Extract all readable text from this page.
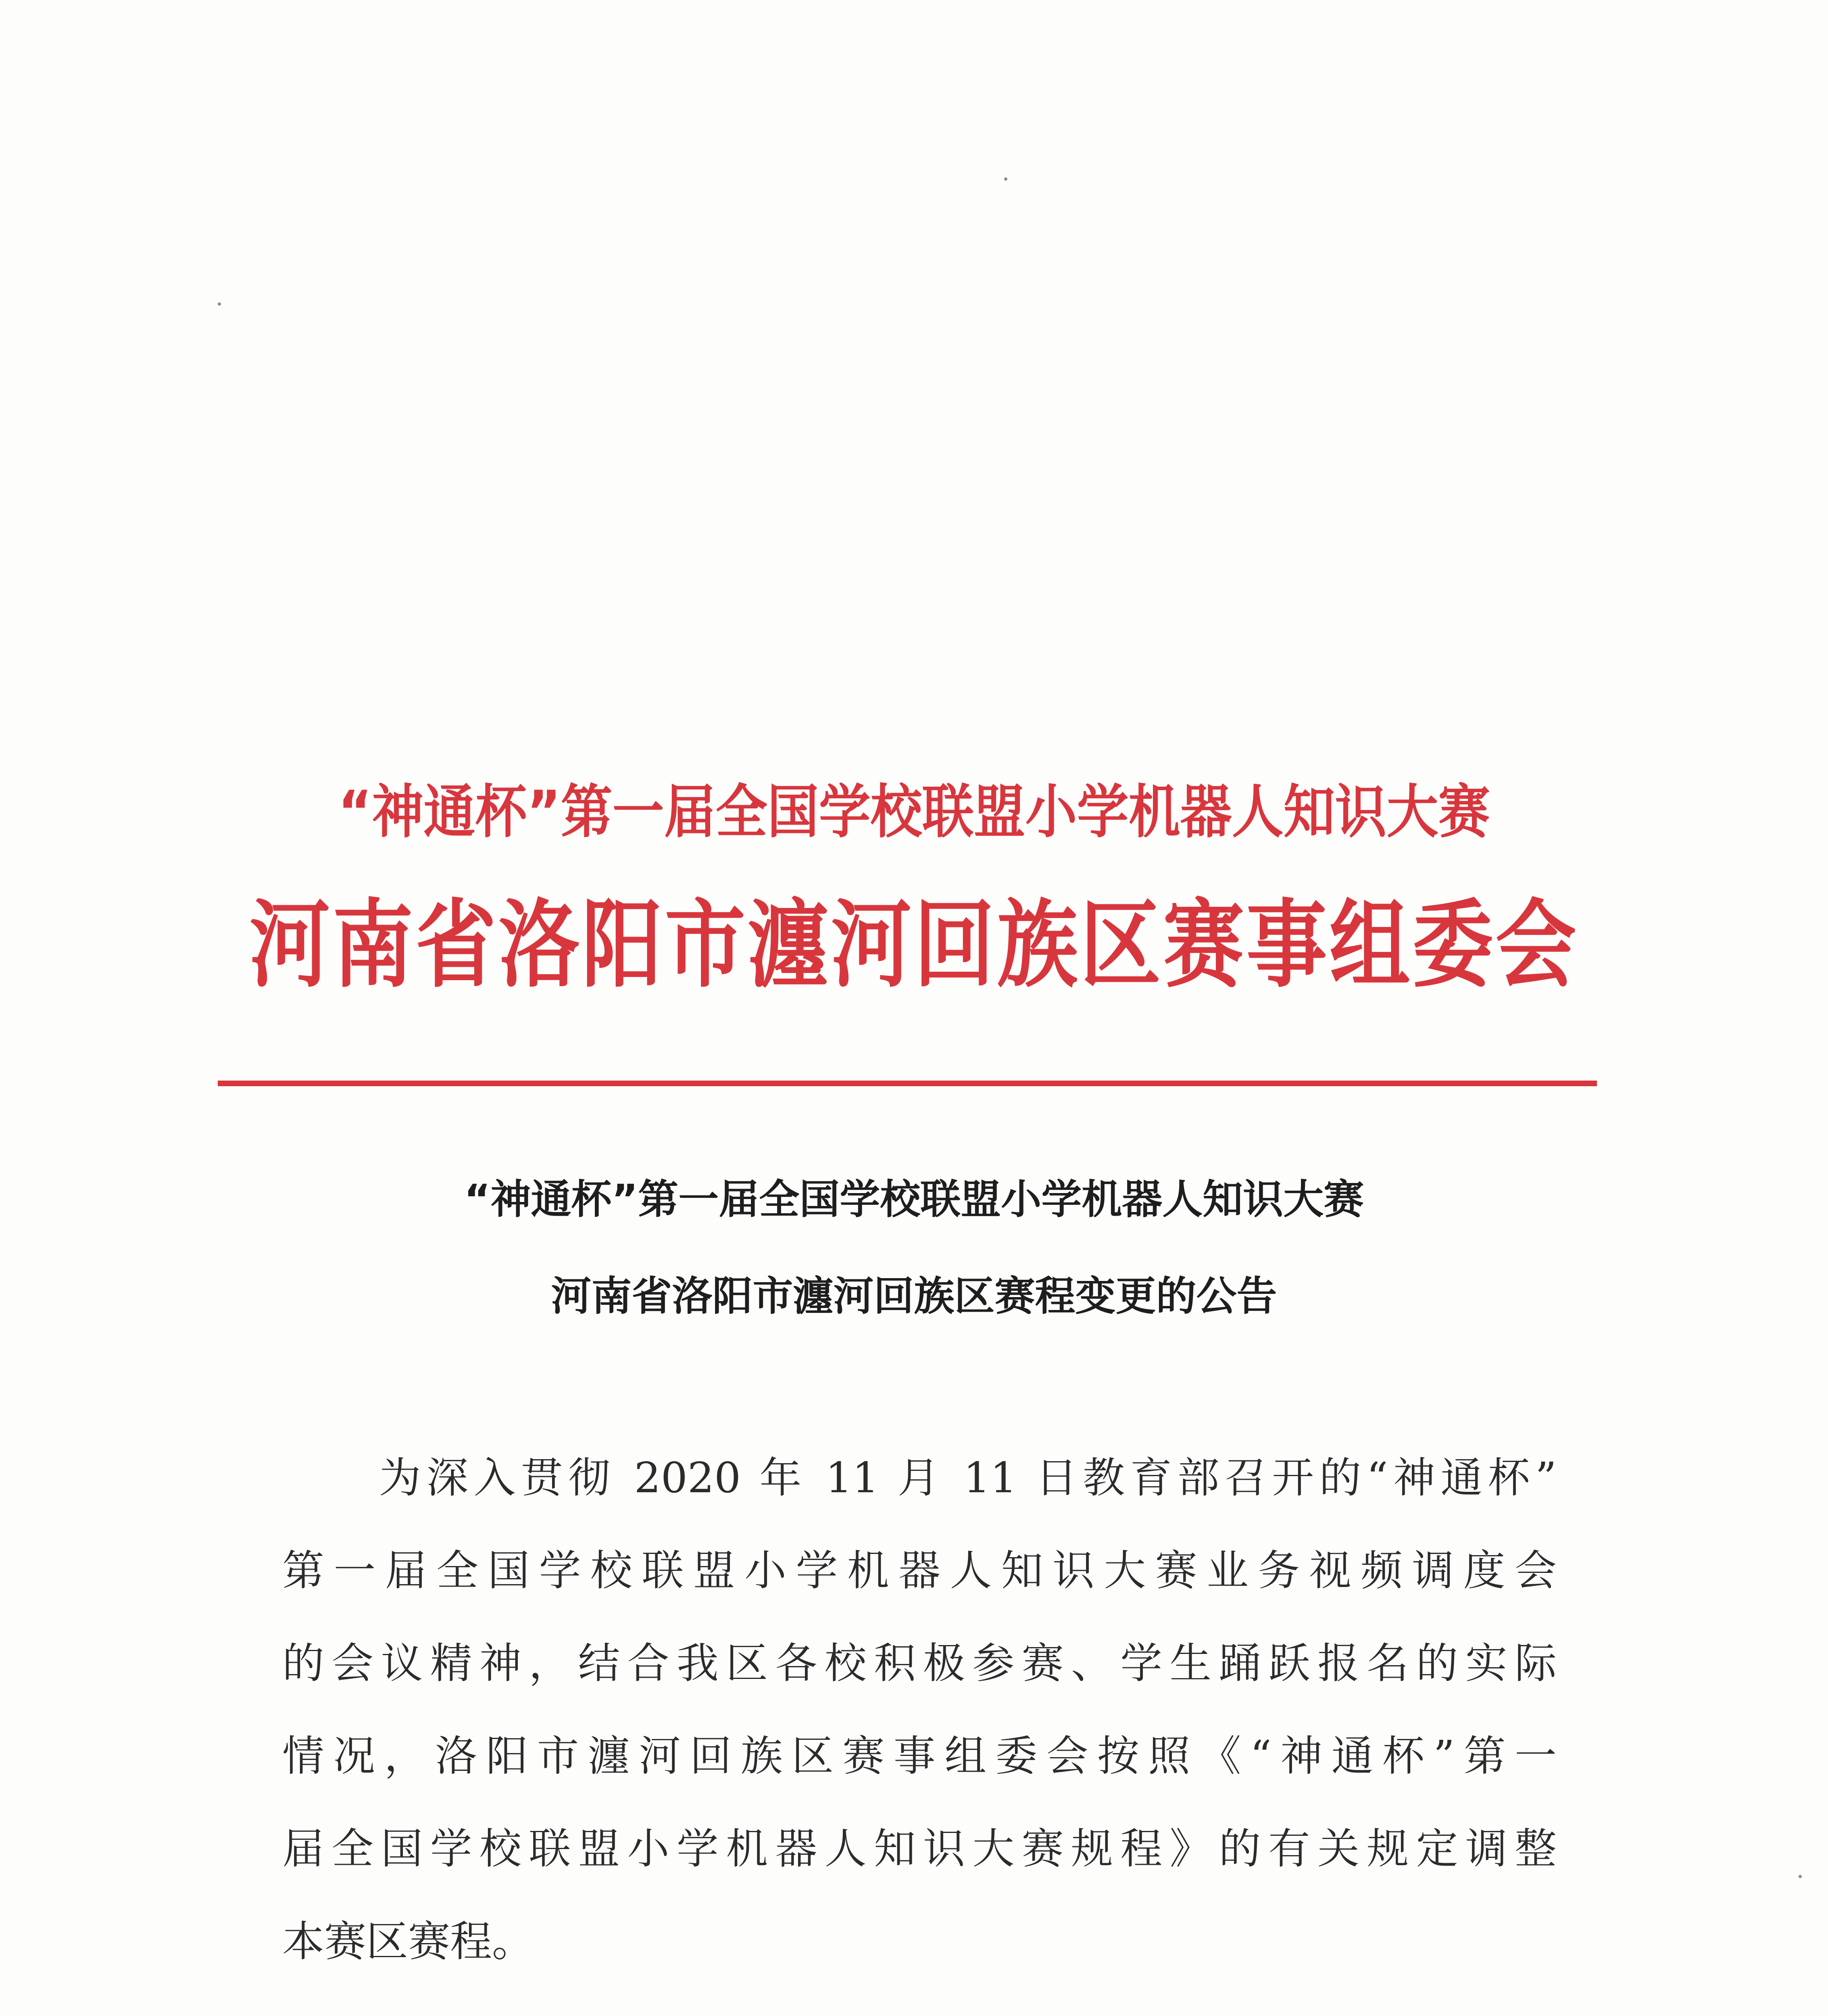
“神通杯”第一届全国学校联盟小学机器人知识大赛
河南省洛阳市瀍河回族区赛事组委会
“神通杯”第一届全国学校联盟小学机器人知识大赛
河南省洛阳市瀍河回族区赛程变更的公告
为深入贯彻 2020 年 11 月 11 日教育部召开的“神通杯”
第一届全国学校联盟小学机器人知识大赛业务视频调度会
的会议精神，结合我区各校积极参赛、学生踊跃报名的实际
情况，洛阳市瀍河回族区赛事组委会按照《“神通杯”第一
届全国学校联盟小学机器人知识大赛规程》的有关规定调整
本赛区赛程。
